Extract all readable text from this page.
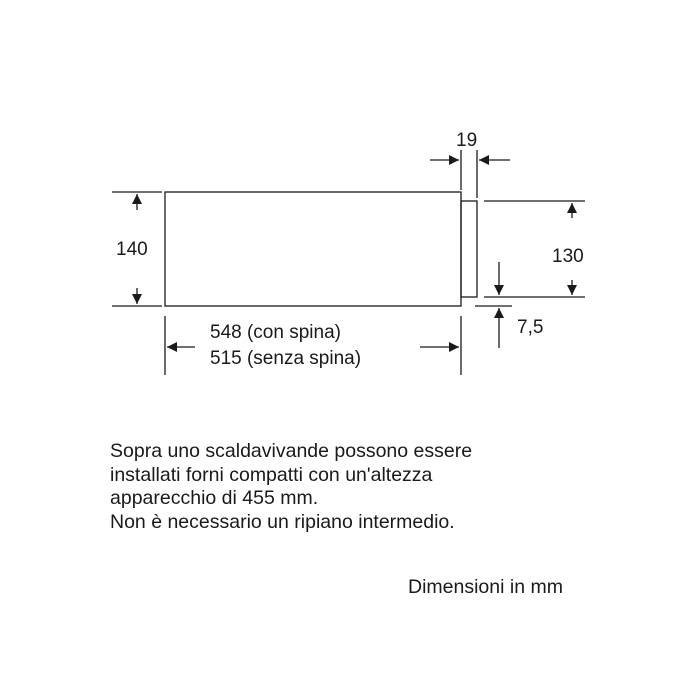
140	130
19
7,5
548 (con spina)
515 (senza spina)
Sopra uno scaldavivande possono essere
installati forni compatti con un'altezza
apparecchio di 455 mm.
Non è necessario un ripiano intermedio.
Dimensioni in mm
